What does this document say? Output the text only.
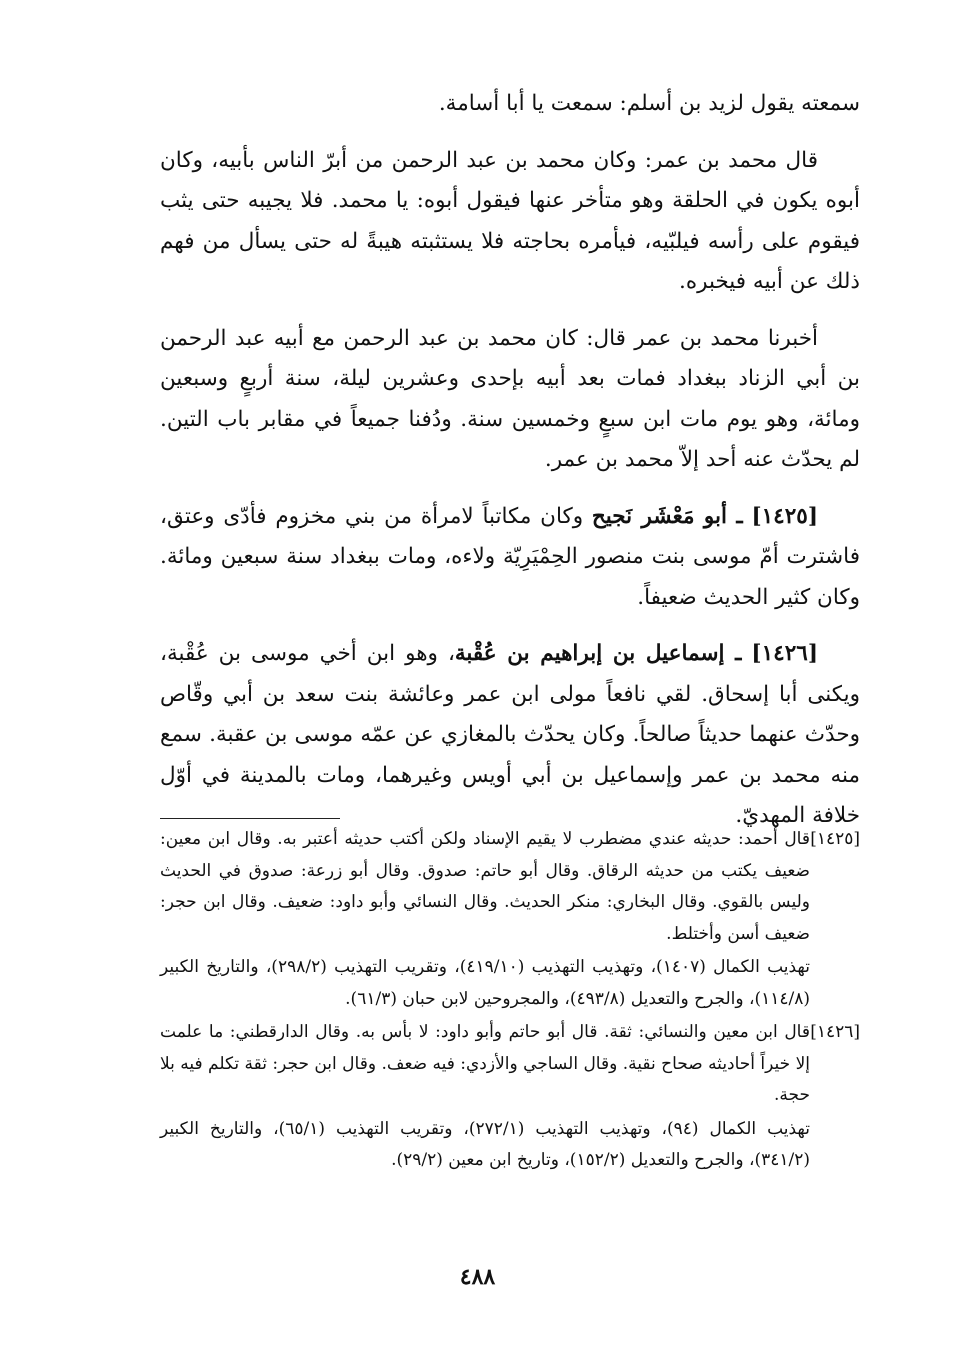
سمعته يقول لزيد بن أسلم: سمعت يا أبا أسامة.

قال محمد بن عمر: وكان محمد بن عبد الرحمن من أبرّ الناس بأبيه، وكان أبوه يكون في الحلقة وهو متأخر عنها فيقول أبوه: يا محمد. فلا يجيبه حتى يثب فيقوم على رأسه فيلبّيه، فيأمره بحاجته فلا يستثبته هيبةً له حتى يسأل من فهم ذلك عن أبيه فيخبره.

أخبرنا محمد بن عمر قال: كان محمد بن عبد الرحمن مع أبيه عبد الرحمن بن أبي الزناد ببغداد فمات بعد أبيه بإحدى وعشرين ليلة، سنة أربعٍ وسبعين ومائة، وهو يوم مات ابن سبعٍ وخمسين سنة. ودُفنا جميعاً في مقابر باب التين. لم يحدّث عنه أحد إلاّ محمد بن عمر.

[١٤٢٥] ـ أبو مَعْشَر نَجيح وكان مكاتباً لامرأة من بني مخزوم فأدّى وعتق، فاشترت أمّ موسى بنت منصور الحِمْيَرِيّة ولاءه، ومات ببغداد سنة سبعين ومائة. وكان كثير الحديث ضعيفاً.

[١٤٢٦] ـ إسماعيل بن إبراهيم بن عُقْبة، وهو ابن أخي موسى بن عُقْبة، ويكنى أبا إسحاق. لقي نافعاً مولى ابن عمر وعائشة بنت سعد بن أبي وقّاص وحدّث عنهما حديثاً صالحاً. وكان يحدّث بالمغازي عن عمّه موسى بن عقبة. سمع منه محمد بن عمر وإسماعيل بن أبي أويس وغيرهما، ومات بالمدينة في أوّل خلافة المهديّ.

[١٤٢٥]

قال أحمد: حديثه عندي مضطرب لا يقيم الإسناد ولكن أكتب حديثه أعتبر به. وقال ابن معين: ضعيف يكتب من حديثه الرقاق. وقال أبو حاتم: صدوق. وقال أبو زرعة: صدوق في الحديث وليس بالقوي. وقال البخاري: منكر الحديث. وقال النسائي وأبو داود: ضعيف. وقال ابن حجر: ضعيف أسن وأختلط.

تهذيب الكمال (١٤٠٧)، وتهذيب التهذيب (٤١٩/١٠)، وتقريب التهذيب (٢٩٨/٢)، والتاريخ الكبير (١١٤/٨)، والجرح والتعديل (٤٩٣/٨)، والمجروحين لابن حبان (٦١/٣).

[١٤٢٦]

قال ابن معين والنسائي: ثقة. قال أبو حاتم وأبو داود: لا بأس به. وقال الدارقطني: ما علمت إلا خيراً أحاديثه صحاح نقية. وقال الساجي والأزدي: فيه ضعف. وقال ابن حجر: ثقة تكلم فيه بلا حجة.

تهذيب الكمال (٩٤)، وتهذيب التهذيب (٢٧٢/١)، وتقريب التهذيب (٦٥/١)، والتاريخ الكبير (٣٤١/٢)، والجرح والتعديل (١٥٢/٢)، وتاريخ ابن معين (٢٩/٢).

٤٨٨
